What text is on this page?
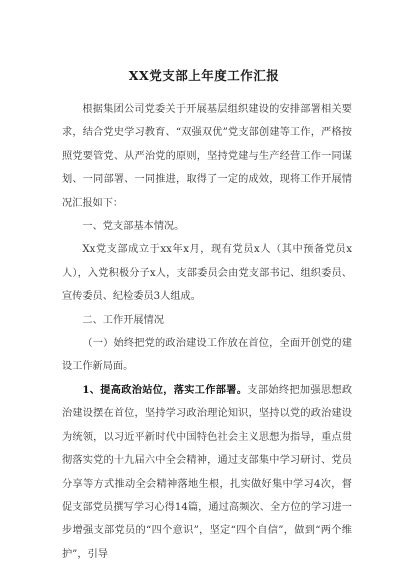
XX党支部上年度工作汇报

根据集团公司党委关于开展基层组织建设的安排部署相关要求，结合党史学习教育、“双强双优”党支部创建等工作，严格按照党要管党、从严治党的原则，坚持党建与生产经营工作一同谋划、一同部署、一同推进，取得了一定的成效，现将工作开展情况汇报如下：

一、党支部基本情况。

Xx党支部成立于xx年x月，现有党员x人（其中预备党员x人），入党积极分子x人，支部委员会由党支部书记、组织委员、宣传委员、纪检委员3人组成。

二、工作开展情况

（一）始终把党的政治建设工作放在首位，全面开创党的建设工作新局面。

1、提高政治站位，落实工作部署。支部始终把加强思想政治建设摆在首位，坚持学习政治理论知识，坚持以党的政治建设为统领，以习近平新时代中国特色社会主义思想为指导，重点贯彻落实党的十九届六中全会精神，通过支部集中学习研讨、党员分享等方式推动全会精神落地生根，扎实做好集中学习4次，督促支部党员撰写学习心得14篇，通过高频次、全方位的学习进一步增强支部党员的“四个意识”，坚定“四个自信”，做到“两个维护”，引导
